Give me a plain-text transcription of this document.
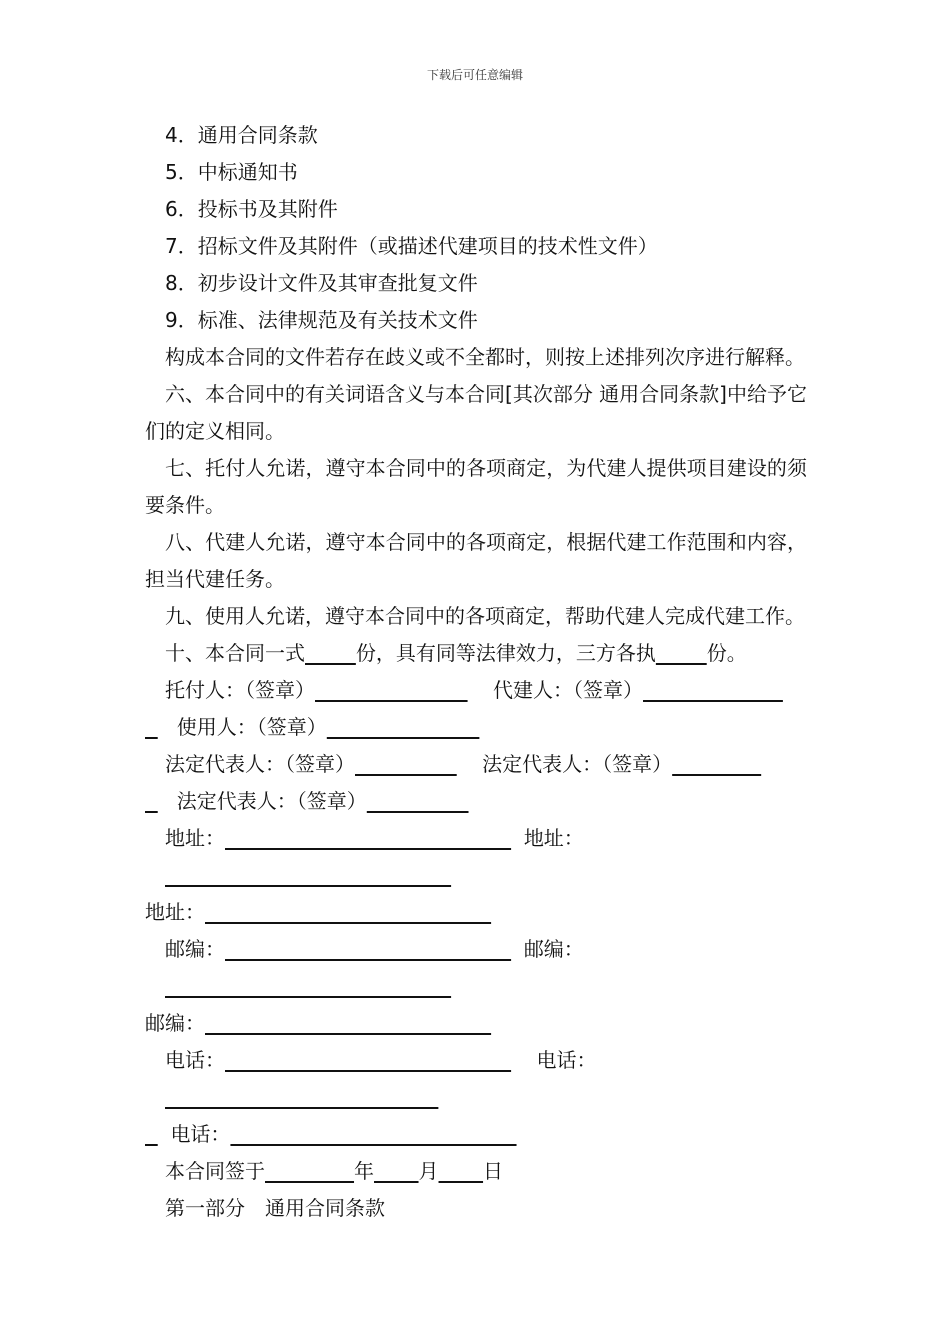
下载后可任意编辑

4．通用合同条款

5．中标通知书

6．投标书及其附件

7．招标文件及其附件（或描述代建项目的技术性文件）

8．初步设计文件及其审查批复文件

9．标准、法律规范及有关技术文件

构成本合同的文件若存在歧义或不全都时，则按上述排列次序进行解释。

六、本合同中的有关词语含义与本合同[其次部分 通用合同条款]中给予它们的定义相同。

七、托付人允诺，遵守本合同中的各项商定，为代建人提供项目建设的须要条件。

八、代建人允诺，遵守本合同中的各项商定，根据代建工作范围和内容，担当代建任务。

九、使用人允诺，遵守本合同中的各项商定，帮助代建人完成代建工作。

十、本合同一式	份，具有同等法律效力，三方各执	份。

托付人：（签章）	代建人：（签章）

使用人：（签章）

法定代表人：（签章）	法定代表人：（签章）

法定代表人：（签章）

地址：	地址：

地址：

邮编：	邮编：

邮编：

电话：	电话：

电话：

本合同签于	年 月 日

第一部分　通用合同条款
